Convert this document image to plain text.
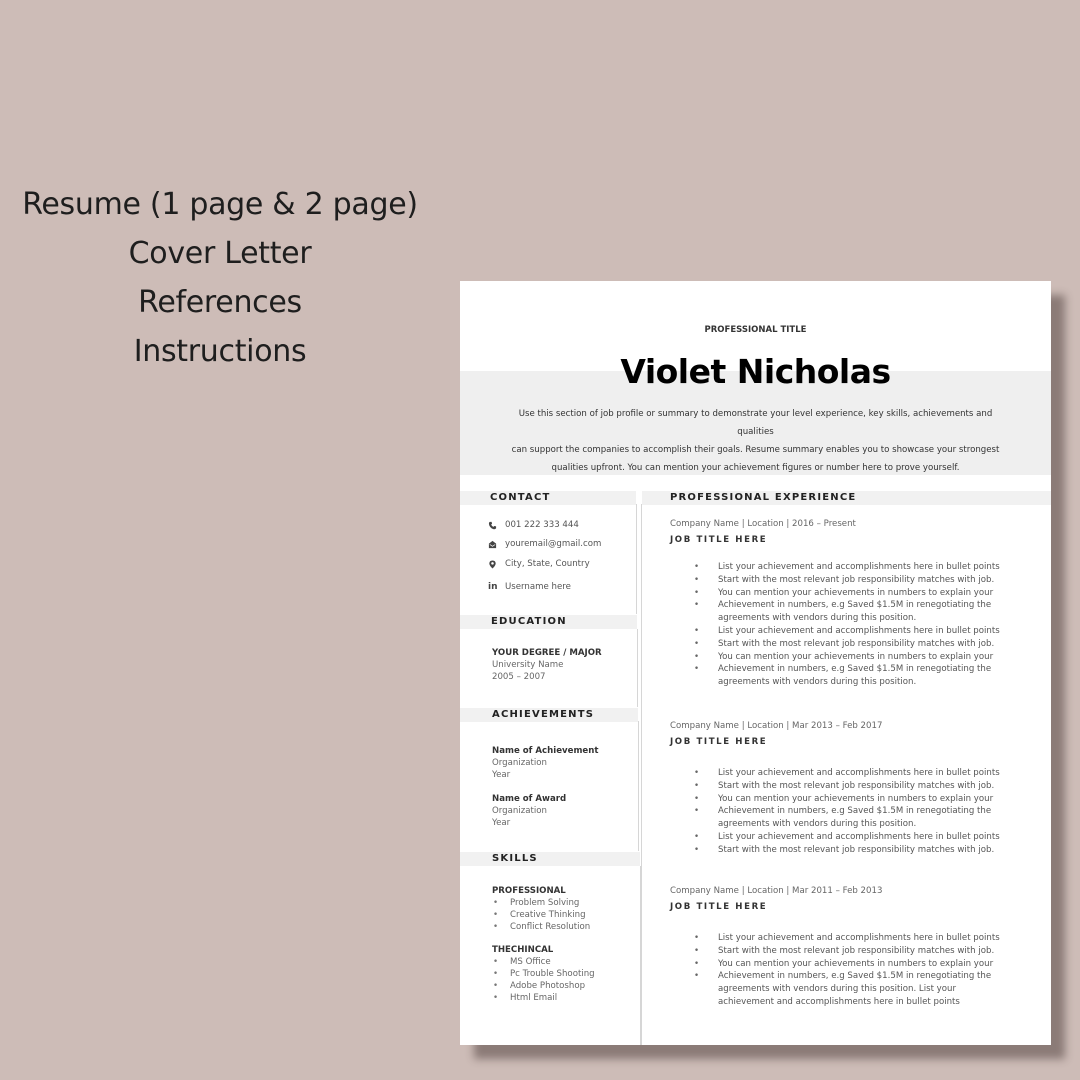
Resume (1 page & 2 page)
Cover Letter
References
Instructions
PROFESSIONAL TITLE
Violet Nicholas
Use this section of job profile or summary to demonstrate your level experience, key skills, achievements and qualities
can support the companies to accomplish their goals. Resume summary enables you to showcase your strongest
qualities upfront. You can mention your achievement figures or number here to prove yourself.
CONTACT	PROFESSIONAL EXPERIENCE
001 222 333 444
youremail@gmail.com
City, State, Country
in Username here
EDUCATION
YOUR DEGREE / MAJOR
University Name
2005 – 2007
ACHIEVEMENTS
Name of Achievement
Organization
Year
Name of Award
Organization
Year
SKILLS
PROFESSIONAL
• Problem Solving
• Creative Thinking
• Conflict Resolution
THECHINCAL
• MS Office
• Pc Trouble Shooting
• Adobe Photoshop
• Html Email
Company Name | Location | 2016 – Present
JOB TITLE HERE
• List your achievement and accomplishments here in bullet points
• Start with the most relevant job responsibility matches with job.
• You can mention your achievements in numbers to explain your
• Achievement in numbers, e.g Saved $1.5M in renegotiating the
agreements with vendors during this position.
• List your achievement and accomplishments here in bullet points
• Start with the most relevant job responsibility matches with job.
• You can mention your achievements in numbers to explain your
• Achievement in numbers, e.g Saved $1.5M in renegotiating the
agreements with vendors during this position.
Company Name | Location | Mar 2013 – Feb 2017
JOB TITLE HERE
• List your achievement and accomplishments here in bullet points
• Start with the most relevant job responsibility matches with job.
• You can mention your achievements in numbers to explain your
• Achievement in numbers, e.g Saved $1.5M in renegotiating the
agreements with vendors during this position.
• List your achievement and accomplishments here in bullet points
• Start with the most relevant job responsibility matches with job.
Company Name | Location | Mar 2011 – Feb 2013
JOB TITLE HERE
• List your achievement and accomplishments here in bullet points
• Start with the most relevant job responsibility matches with job.
• You can mention your achievements in numbers to explain your
• Achievement in numbers, e.g Saved $1.5M in renegotiating the
agreements with vendors during this position. List your
achievement and accomplishments here in bullet points
